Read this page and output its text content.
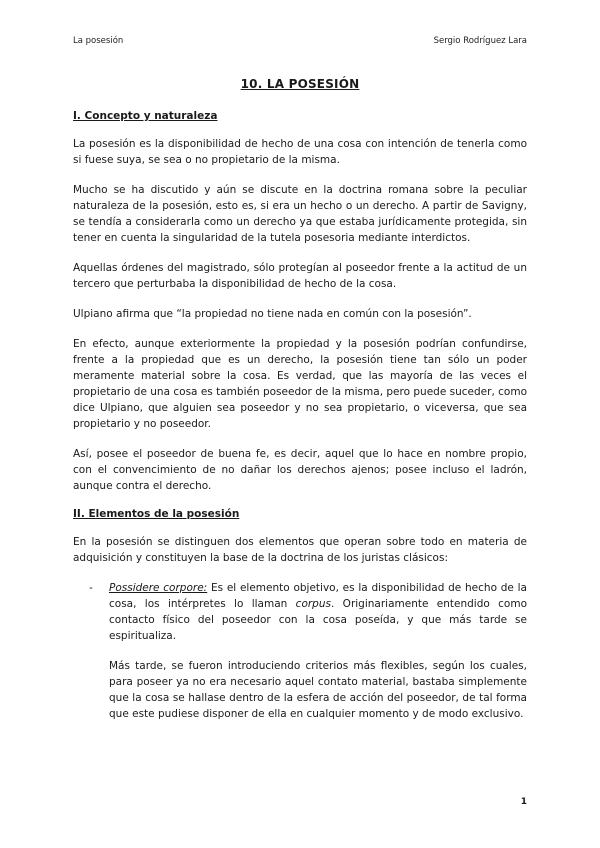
La posesión	Sergio Rodríguez Lara
10. LA POSESIÓN
I. Concepto y naturaleza

La posesión es la disponibilidad de hecho de una cosa con intención de tenerla como si fuese suya, se sea o no propietario de la misma.

Mucho se ha discutido y aún se discute en la doctrina romana sobre la peculiar naturaleza de la posesión, esto es, si era un hecho o un derecho. A partir de Savigny, se tendía a considerarla como un derecho ya que estaba jurídicamente protegida, sin tener en cuenta la singularidad de la tutela posesoria mediante interdictos.

Aquellas órdenes del magistrado, sólo protegían al poseedor frente a la actitud de un tercero que perturbaba la disponibilidad de hecho de la cosa.

Ulpiano afirma que “la propiedad no tiene nada en común con la posesión”.

En efecto, aunque exteriormente la propiedad y la posesión podrían confundirse, frente a la propiedad que es un derecho, la posesión tiene tan sólo un poder meramente material sobre la cosa. Es verdad, que las mayoría de las veces el propietario de una cosa es también poseedor de la misma, pero puede suceder, como dice Ulpiano, que alguien sea poseedor y no sea propietario, o viceversa, que sea propietario y no poseedor.

Así, posee el poseedor de buena fe, es decir, aquel que lo hace en nombre propio, con el convencimiento de no dañar los derechos ajenos; posee incluso el ladrón, aunque contra el derecho.

II. Elementos de la posesión

En la posesión se distinguen dos elementos que operan sobre todo en materia de adquisición y constituyen la base de la doctrina de los juristas clásicos:

- Possidere corpore: Es el elemento objetivo, es la disponibilidad de hecho de la cosa, los intérpretes lo llaman corpus. Originariamente entendido como contacto físico del poseedor con la cosa poseída, y que más tarde se espiritualiza.

Más tarde, se fueron introduciendo criterios más flexibles, según los cuales, para poseer ya no era necesario aquel contato material, bastaba simplemente que la cosa se hallase dentro de la esfera de acción del poseedor, de tal forma que este pudiese disponer de ella en cualquier momento y de modo exclusivo.

1
